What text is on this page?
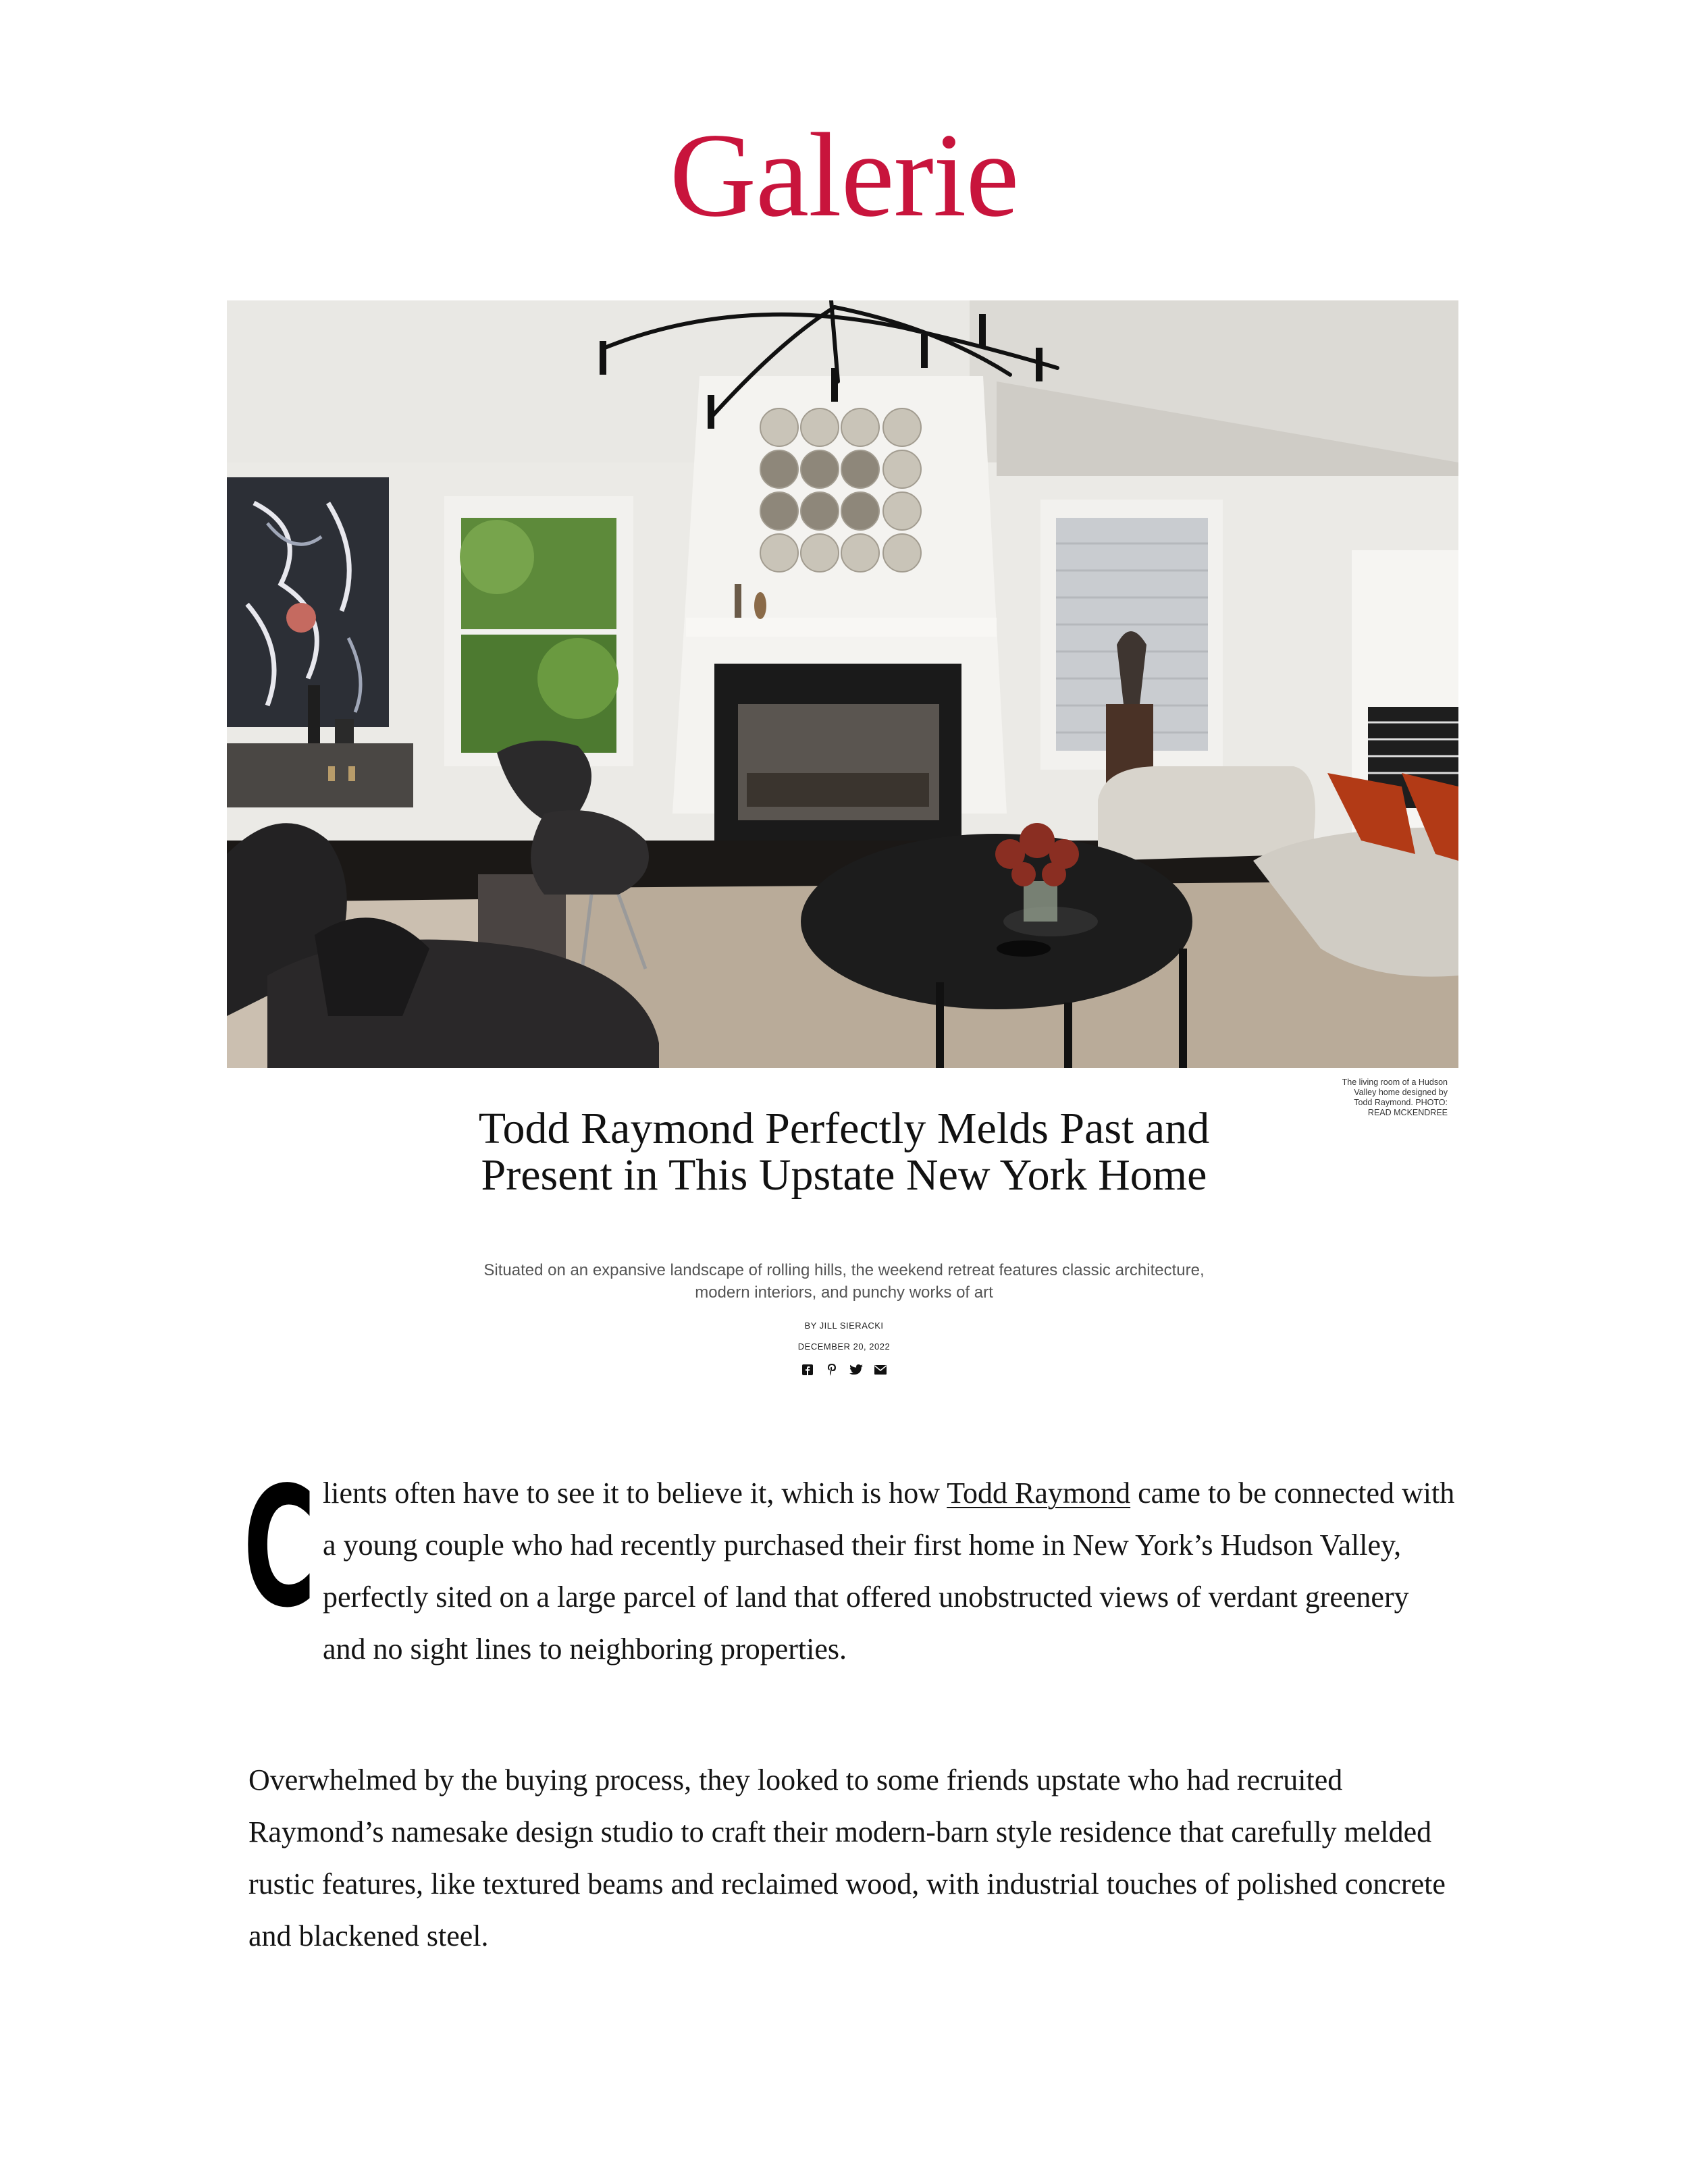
Galerie
The living room of a Hudson Valley home designed by Todd Raymond. PHOTO: READ MCKENDREE
Todd Raymond Perfectly Melds Past and Present in This Upstate New York Home
Situated on an expansive landscape of rolling hills, the weekend retreat features classic architecture, modern interiors, and punchy works of art
BY JILL SIERACKI
DECEMBER 20, 2022
C lients often have to see it to believe it, which is how Todd Raymond came to be connected with a young couple who had recently purchased their first home in New York’s Hudson Valley, perfectly sited on a large parcel of land that offered unobstructed views of verdant greenery and no sight lines to neighboring properties.

Overwhelmed by the buying process, they looked to some friends upstate who had recruited Raymond’s namesake design studio to craft their modern-barn style residence that carefully melded rustic features, like textured beams and reclaimed wood, with industrial touches of polished concrete and blackened steel.
